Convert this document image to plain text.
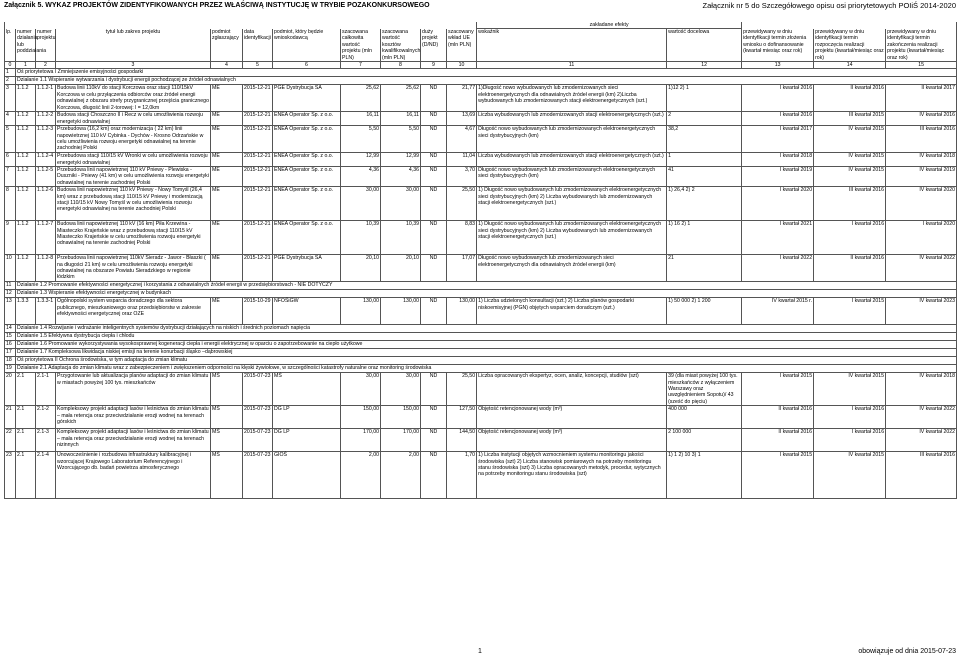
Załącznik 5. WYKAZ PROJEKTÓW ZIDENTYFIKOWANYCH PRZEZ WŁAŚCIWĄ INSTYTUCJĘ W TRYBIE POZAKONKURSOWEGO	Załącznik nr 5 do Szczegółowego opisu osi priorytetowych POIiŚ 2014-2020
											zakładane efekty				
lp.	numer działania lub poddziałania	numer projektu	tytuł lub zakres projektu	podmiot zgłaszający	data identyfikacji	podmiot, który będzie wnioskodawcą	szacowana całkowita wartość projektu (mln PLN)	szacowana wartość kosztów kwalifikowalnych (mln PLN)	duży projekt (D/ND)	szacowany wkład UE (mln PLN)	wskaźnik	wartość docelowa	przewidywany w dniu identyfikacji termin złożenia wniosku o dofinansowanie (kwartał miesiąc oraz rok)	przewidywany w dniu identyfikacji termin rozpoczęcia realizacji projektu (kwartał/miesiąc oraz rok)	przewidywany w dniu identyfikacji termin zakończenia realizacji projektu (kwartał/miesiąc oraz rok)
0	1	2	3	4	5	6	7	8	9	10	11	12	13	14	15
1	Oś priorytetowa I Zmniejszenie emisyjności gospodarki														
2	Działanie 1.1 Wspieranie wytwarzania i dystrybucji energii pochodzącej ze źródeł odnawialnych														
3	1.1.2	1.1.2-1	Budowa linii 110kV do stacji Korczowa oraz stacji 110/15kV Korczowa w celu przyłączenia odbiorców oraz źródeł energii odnawialnej z obszaru strefy przygranicznej przejścia granicznego Korczowa, długość linii 2-torowej: l = 12,0km	ME	2015-12-21	PGE Dystrybucja SA	25,62	25,62	ND	21,77	1)Długość nowo wybudowanych lub zmodernizowanych sieci elektroenergetycznych dla odnawialnych źródeł energii (km) 2)Liczba wybudowanych lub zmodernizowanych stacji elektroenergetycznych (szt.)	1)12 2) 1	I kwartał 2016	II kwartał 2016	II kwartał 2017
4	1.1.2	1.1.2-2	Budowa stacji Choszczno II i Recz w celu umożliwienia rozwoju energetyki odnawialnej	ME	2015-12-21	ENEA Operator Sp. z o.o.	16,11	16,11	ND	13,69	Liczba wybudowanych lub zmodernizowanych stacji elektroenergetycznych (szt.)	2	I kwartał 2016	III kwartał 2015	IV kwartał 2016
5	1.1.2	1.1.2-3	Przebudowa (16,2 km) oraz modernizacja ( 22 km) linii napowietrznej 110 kV Cybinka - Dychów - Krosno Odrzańskie w celu umożliwienia rozwoju energetyki odnawialnej na terenie zachodniej Polski	ME	2015-12-21	ENEA Operator Sp. z o.o.	5,50	5,50	ND	4,67	Długość nowo wybudowanych lub zmodernizowanych elektroenergetycznych sieci dystrybucyjnych (km)	38,2	I kwartał 2017	IV kwartał 2015	III kwartał 2016
6	1.1.2	1.1.2-4	Przebudowa stacji 110/15 kV Wronki w celu umożliwienia rozwoju energetyki odnawialnej	ME	2015-12-21	ENEA Operator Sp. z o.o.	12,99	12,99	ND	11,04	Liczba wybudowanych lub zmodernizowanych stacji elektroenergetycznych (szt.)	1	I kwartał 2018	IV kwartał 2015	IV kwartał 2018
7	1.1.2	1.1.2-5	Przebudowa linii napowietrznej 110 kV Pniewy - Plewiska - Duszniki - Pniewy (41 km) w celu umożliwienia rozwoju energetyki odnawialnej na terenie zachodniej Polski	ME	2015-12-21	ENEA Operator Sp. z o.o.	4,36	4,36	ND	3,70	Długość nowo wybudowanych lub zmodernizowanych elektroenergetycznych sieci dystrybucyjnych (km)	41	I kwartał 2019	IV kwartał 2015	IV kwartał 2019
8	1.1.2	1.1.2-6	Budowa linii napowietrznej 110 kV Pniewy - Nowy Tomyśl (26,4 km) wraz z przebudową stacji 110/15 kV Pniewy i modernizacją stacji 110/15 kV Nowy Tomyśl w celu umożliwienia rozwoju energetyki odnawialnej na terenie zachodniej Polski	ME	2015-12-21	ENEA Operator Sp. z o.o.	30,00	30,00	ND	25,50	1) Długość nowo wybudowanych lub zmodernizowanych elektroenergetycznych sieci dystrybucyjnych (km) 2) Liczba wybudowanych lub zmodernizowanych stacji elektroenergetycznych (szt.)	1) 26,4 2) 2	I kwartał 2020	III kwartał 2016	IV kwartał 2020
9	1.1.2	1.1.2-7	Budowa linii napowietrznej 110 kV (16 km) Piła Krzewina - Miasteczko Krajeńskie wraz z przebudową stacji 110/15 kV Miasteczko Krajeńskie w celu umożliwienia rozwoju energetyki odnawialnej na terenie zachodniej Polski	ME	2015-12-21	ENEA Operator Sp. z o.o.	10,39	10,39	ND	8,83	1) Długość nowo wybudowanych lub zmodernizowanych elektroenergetycznych sieci dystrybucyjnych (km) 2) Liczba wybudowanych lub zmodernizowanych stacji elektroenergetycznych (szt.)	1) 16 2) 1	I kwartał 2021	I kwartał 2016	I kwartał 2020
10	1.1.2	1.1.2-8	Przebudowa linii napowietrznej 110kV Sieradz - Jawor - Błaszki ( na długości 21 km) w celu umożliwienia rozwoju energetyki odnawialnej na obszarze Powiatu Sieradzkiego w regionie łódzkim	ME	2015-12-21	PGE Dystrybucja SA	20,10	20,10	ND	17,07	Długość nowo wybudowanych lub zmodernizowanych sieci elektroenergetycznych dla odnawialnych źródeł energii (km)	21	I kwartał 2022	II kwartał 2016	IV kwartał 2022
11	Działanie 1.2 Promowanie efektywności energetycznej i korzystania z odnawialnych źródeł energii w przedsiębiorstwach - NIE DOTYCZY														
12	Działanie 1.3 Wspieranie efektywności energetycznej w budynkach														
13	1.3.3	1.3.3-1	Ogólnopolski system wsparcia doradczego dla sektora publicznego, mieszkaniowego oraz przedsiębiorstw w zakresie efektywności energetycznej oraz OZE	ME	2015-10-29	NFOŚiGW	130,00	130,00	ND	130,00	1) Liczba udzielonych konsultacji (szt.) 2) Liczba planów gospodarki niskoemisyjnej (PGN) objętych wsparciem doradczym (szt.)	1) 50 000 2) 1 200	IV kwartał 2015 r.	I kwartał 2015	IV kwartał 2023
14	Działanie 1.4 Rozwijanie i wdrażanie inteligentnych systemów dystrybucji działających na niskich i średnich poziomach napięcia														
15	Działanie 1.5 Efektywna dystrybucja ciepła i chłodu														
16	Działanie 1.6 Promowanie wykorzystywania wysokosprawnej kogeneracji ciepła i energii elektrycznej w oparciu o zapotrzebowanie na ciepło użytkowe														
17	Działanie 1.7 Kompleksowa likwidacja niskiej emisji na terenie konurbacji śląsko –dąbrowskiej														
18	Oś priorytetowa II Ochrona środowiska, w tym adaptacja do zmian klimatu														
19	Działanie 2.1 Adaptacja do zmian klimatu wraz z zabezpieczeniem i zwiększeniem odporności na klęski żywiołowe, w szczególności katastrofy naturalne oraz monitoring środowiska														
20	2.1	2.1-1	Przygotowanie lub aktualizacja planów adaptacji do zmian klimatu w miastach powyżej 100 tys. mieszkańców	MŚ	2015-07-23	MŚ	30,00	30,00	ND	25,50	Liczba opracowanych ekspertyz, ocen, analiz, koncepcji, studiów (szt)	39 (dla miast powyżej 100 tys. mieszkańców z wyłączeniem Warszawy oraz uwzględnieniem Sopotu)/ 43 (sześć do pięciu)	I kwartał 2015	IV kwartał 2015	IV kwartał 2018
21	2.1	2.1-2	Kompleksowy projekt adaptacji lasów i leśnictwa do zmian klimatu – mała retencja oraz przeciwdziałanie erozji wodnej na terenach górskich	MŚ	2015-07-23	DG LP	150,00	150,00	ND	127,50	Objętość retencjonowanej wody (m³)	400 000	II kwartał 2016	I kwartał 2016	IV kwartał 2022
22	2.1	2.1-3	Kompleksowy projekt adaptacji lasów i leśnictwa do zmian klimatu – mała retencja oraz przeciwdziałanie erozji wodnej na terenach nizinnych	MŚ	2015-07-23	DG LP	170,00	170,00	ND	144,50	Objętość retencjonowanej wody (m³)	2 100 000	II kwartał 2016	I kwartał 2016	IV kwartał 2022
23	2.1	2.1-4	Unowocześnienie i rozbudowa infrastruktury kalibracyjnej i wzorcującej Krajowego Laboratorium Referencyjnego i Wzorcującego db. badań powietrza atmosferycznego	MŚ	2015-07-23	GIOŚ	2,00	2,00	ND	1,70	1) Liczba instytucji objętych wzmocnieniem systemu monitoringu jakości środowiska (szt) 2) Liczba stanowisk pomiarowych na potrzeby monitoringu stanu środowiska (szt) 3) Liczba opracowanych metodyk, procedur, wytycznych na potrzeby monitoringu stanu środowiska (szt)	1) 1 2) 10 3) 1	I kwartał 2015	IV kwartał 2015	III kwartał 2016
1	obowiązuje od dnia 2015-07-23
